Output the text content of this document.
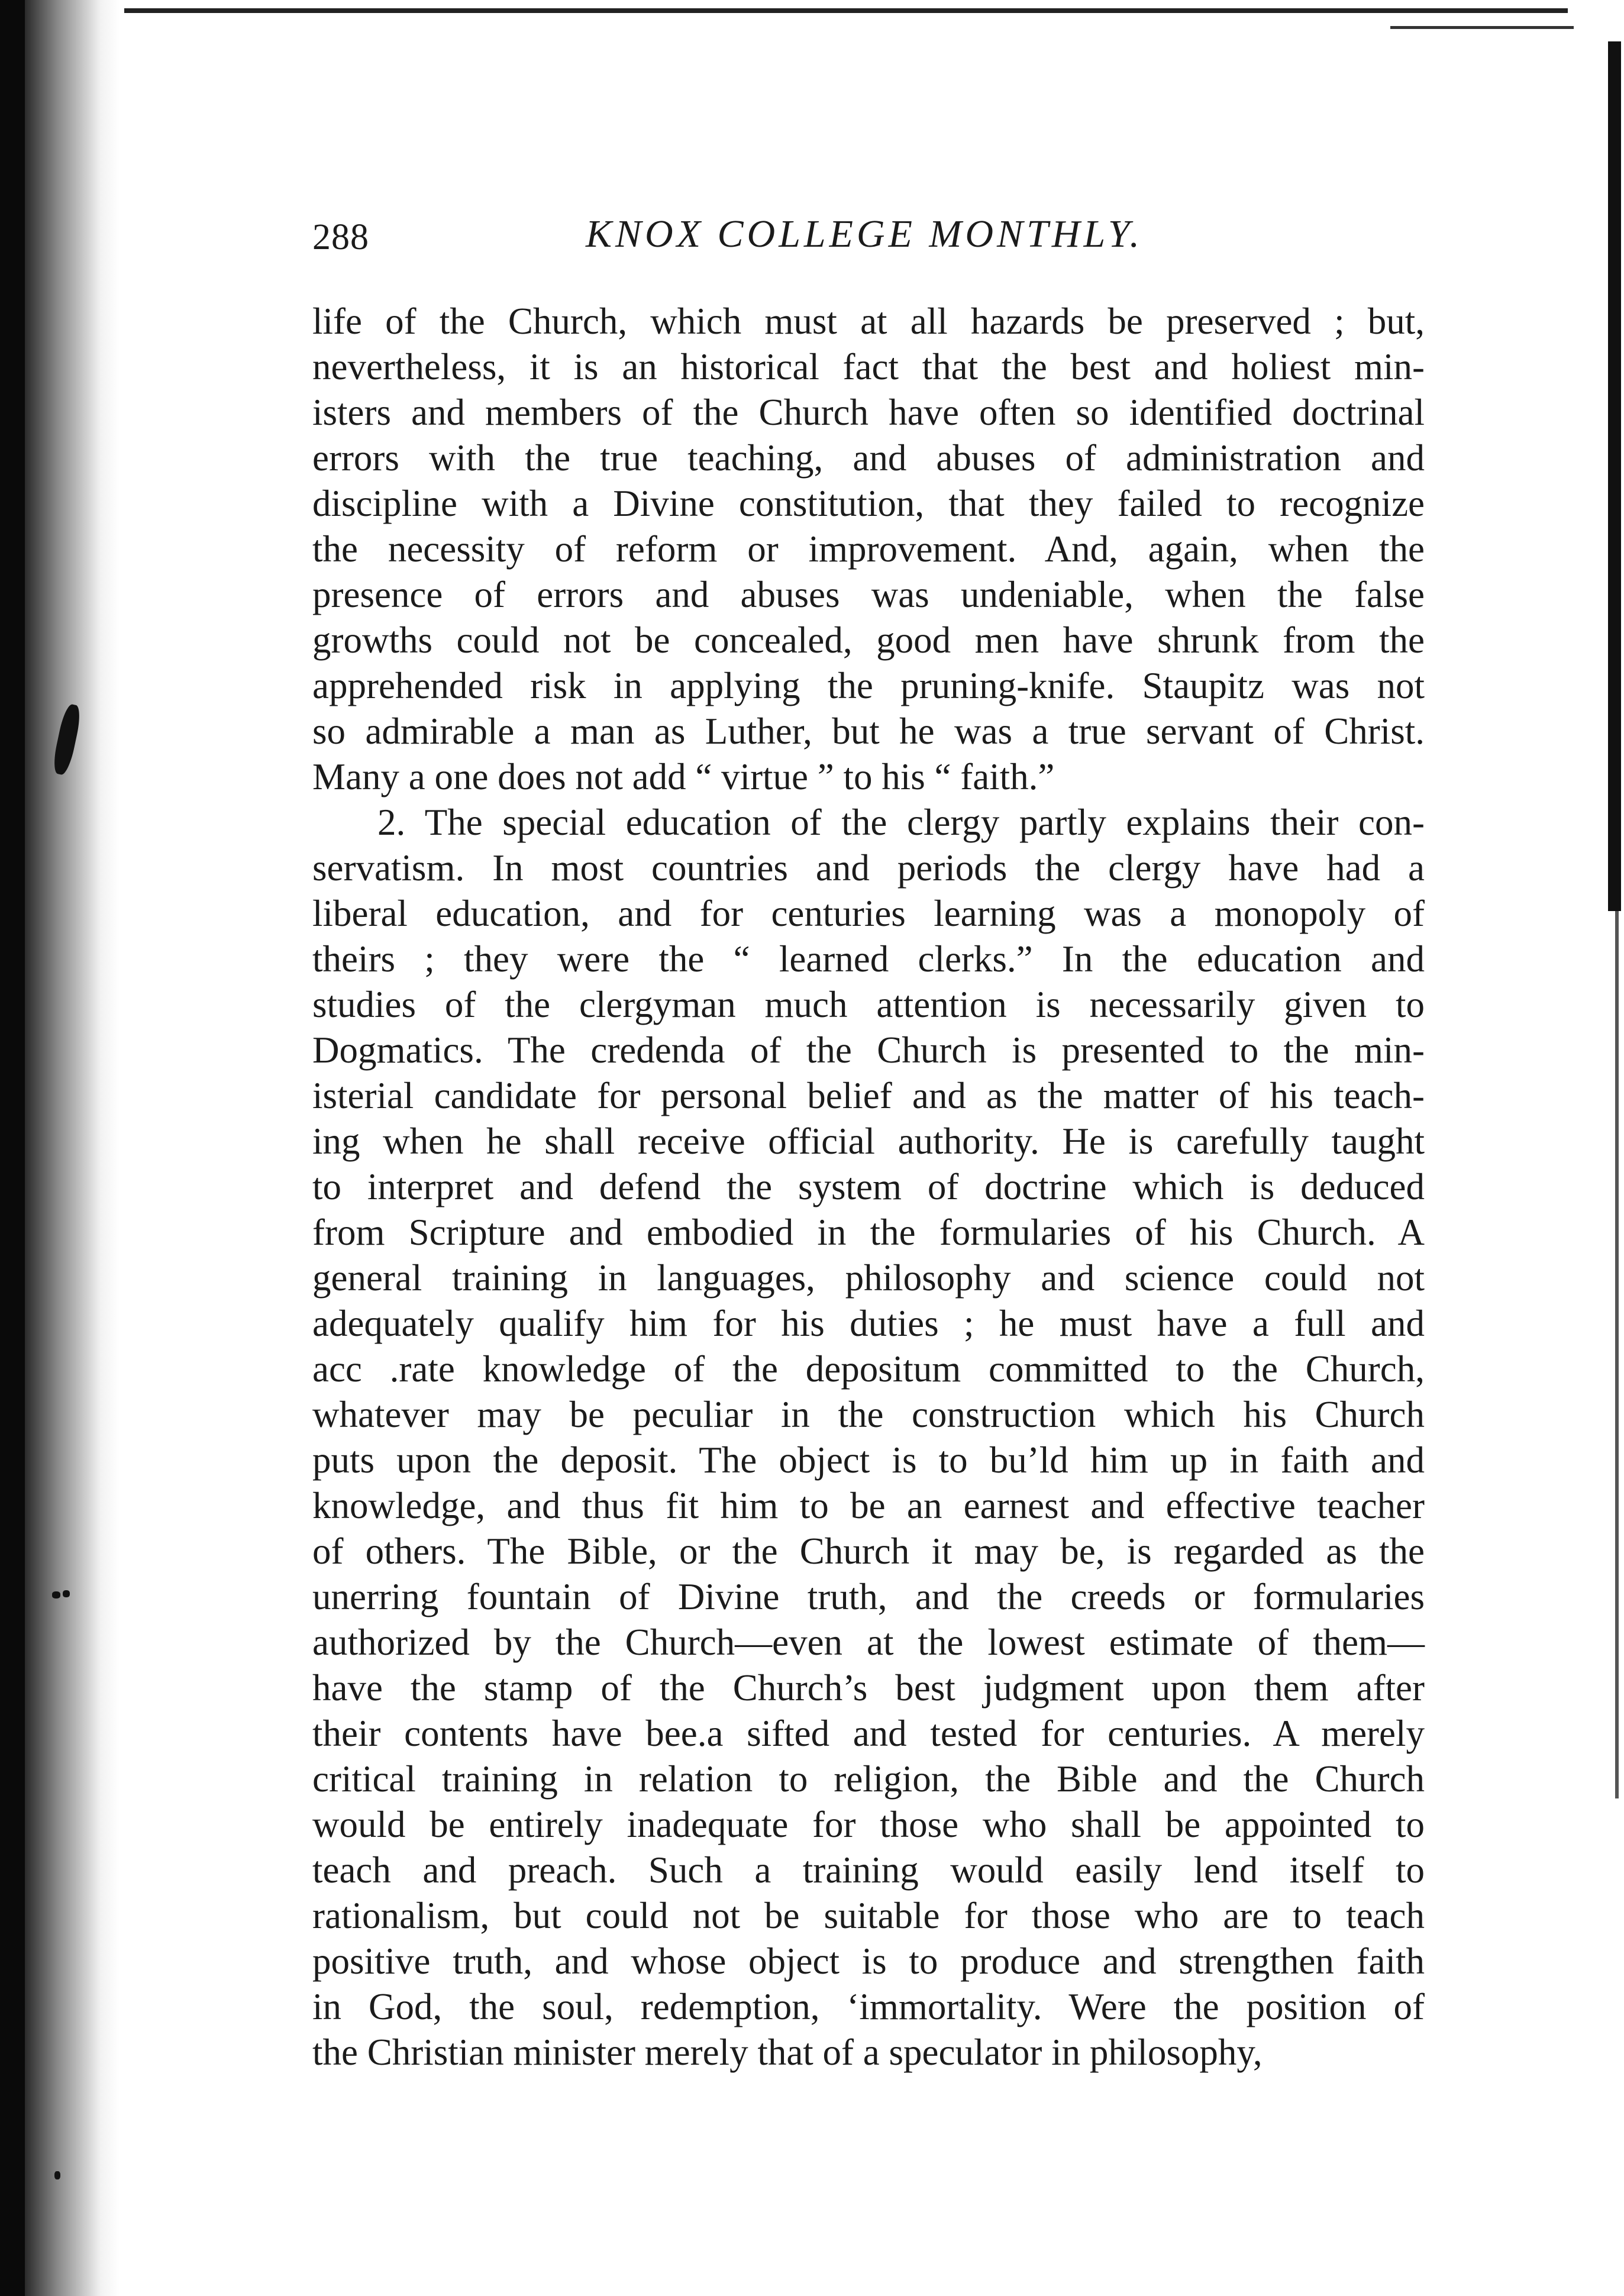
288	KNOX COLLEGE MONTHLY.
life of the Church, which must at all hazards be preserved ; but,
nevertheless, it is an historical fact that the best and holiest min-
isters and members of the Church have often so identified doctrinal
errors with the true teaching, and abuses of administration and
discipline with a Divine constitution, that they failed to recognize
the necessity of reform or improvement. And, again, when the
presence of errors and abuses was undeniable, when the false
growths could not be concealed, good men have shrunk from the
apprehended risk in applying the pruning-knife. Staupitz was not
so admirable a man as Luther, but he was a true servant of Christ.
Many a one does not add “ virtue ” to his “ faith.”
2. The special education of the clergy partly explains their con-
servatism. In most countries and periods the clergy have had a
liberal education, and for centuries learning was a monopoly of
theirs ; they were the “ learned clerks.” In the education and
studies of the clergyman much attention is necessarily given to
Dogmatics. The credenda of the Church is presented to the min-
isterial candidate for personal belief and as the matter of his teach-
ing when he shall receive official authority. He is carefully taught
to interpret and defend the system of doctrine which is deduced
from Scripture and embodied in the formularies of his Church. A
general training in languages, philosophy and science could not
adequately qualify him for his duties ; he must have a full and
acc .rate knowledge of the depositum committed to the Church,
whatever may be peculiar in the construction which his Church
puts upon the deposit. The object is to bu’ld him up in faith and
knowledge, and thus fit him to be an earnest and effective teacher
of others. The Bible, or the Church it may be, is regarded as the
unerring fountain of Divine truth, and the creeds or formularies
authorized by the Church—even at the lowest estimate of them—
have the stamp of the Church’s best judgment upon them after
their contents have bee.a sifted and tested for centuries. A merely
critical training in relation to religion, the Bible and the Church
would be entirely inadequate for those who shall be appointed to
teach and preach. Such a training would easily lend itself to
rationalism, but could not be suitable for those who are to teach
positive truth, and whose object is to produce and strengthen faith
in God, the soul, redemption, ‘immortality. Were the position of
the Christian minister merely that of a speculator in philosophy,
